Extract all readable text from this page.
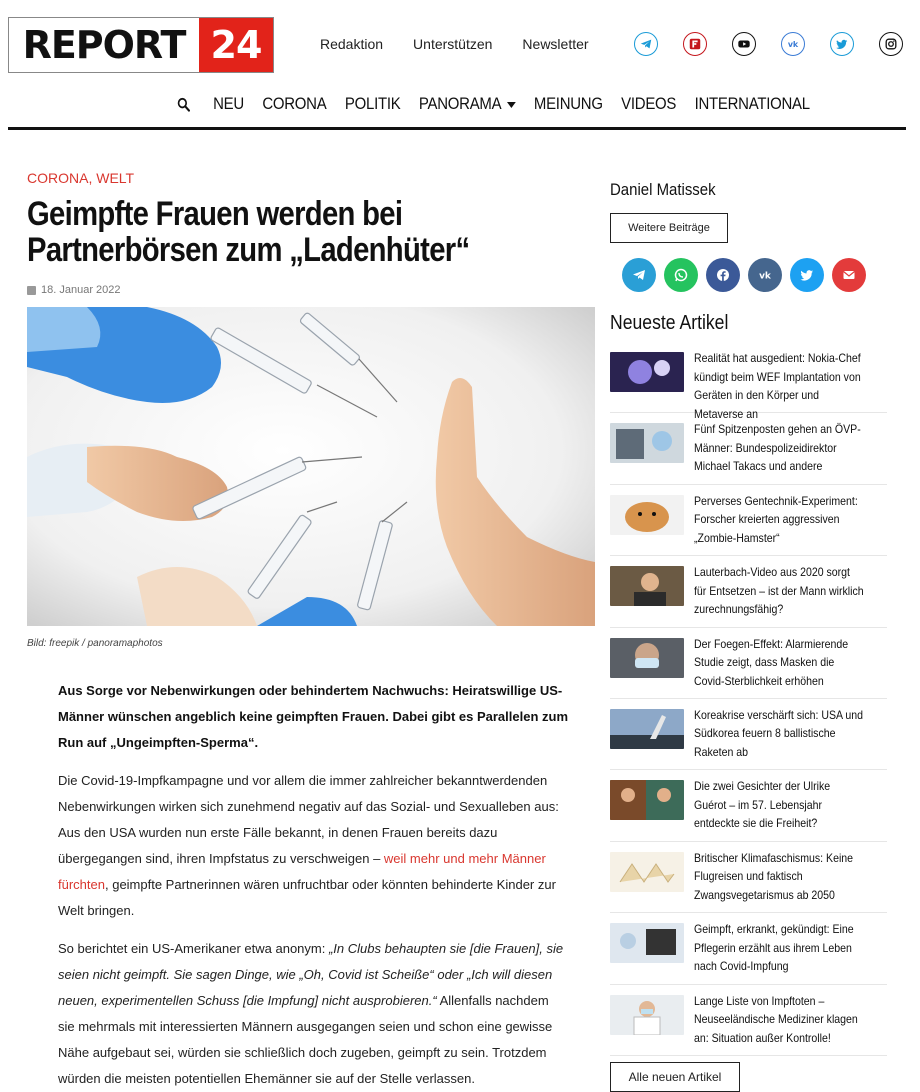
REPORT 24	Redaktion Unterstützen Newsletter	vk
NEU CORONA POLITIK PANORAMA	MEINUNG VIDEOS INTERNATIONAL
CORONA, WELT
Geimpfte Frauen werden bei Partnerbörsen zum „Ladenhüter“
18. Januar 2022
Bild: freepik / panoramaphotos

Aus Sorge vor Nebenwirkungen oder behindertem Nachwuchs: Heiratswillige US-Männer wünschen angeblich keine geimpften Frauen. Dabei gibt es Parallelen zum Run auf „Ungeimpften-Sperma“.

Die Covid-19-Impfkampagne und vor allem die immer zahlreicher bekanntwerdenden Nebenwirkungen wirken sich zunehmend negativ auf das Sozial- und Sexualleben aus: Aus den USA wurden nun erste Fälle bekannt, in denen Frauen bereits dazu übergegangen sind, ihren Impfstatus zu verschweigen – weil mehr und mehr Männer fürchten, geimpfte Partnerinnen wären unfruchtbar oder könnten behinderte Kinder zur Welt bringen.

So berichtet ein US-Amerikaner etwa anonym: „In Clubs behaupten sie [die Frauen], sie seien nicht geimpft. Sie sagen Dinge, wie „Oh, Covid ist Scheiße“ oder „Ich will diesen neuen, experimentellen Schuss [die Impfung] nicht ausprobieren.“ Allenfalls nachdem sie mehrmals mit interessierten Männern ausgegangen seien und schon eine gewisse Nähe aufgebaut sei, würden sie schließlich doch zugeben, geimpft zu sein. Trotzdem würden die meisten potentiellen Ehemänner sie auf der Stelle verlassen.

Daniel Matissek
Weitere Beiträge
vk
Neueste Artikel
Realität hat ausgedient: Nokia-Chef kündigt beim WEF Implantation von Geräten in den Körper und Metaverse an
Fünf Spitzenposten gehen an ÖVP-Männer: Bundespolizeidirektor Michael Takacs und andere
Perverses Gentechnik-Experiment: Forscher kreierten aggressiven „Zombie-Hamster“
Lauterbach-Video aus 2020 sorgt für Entsetzen – ist der Mann wirklich zurechnungsfähig?
Der Foegen-Effekt: Alarmierende Studie zeigt, dass Masken die Covid-Sterblichkeit erhöhen
Koreakrise verschärft sich: USA und Südkorea feuern 8 ballistische Raketen ab
Die zwei Gesichter der Ulrike Guérot – im 57. Lebensjahr entdeckte sie die Freiheit?
Britischer Klimafaschismus: Keine Flugreisen und faktisch Zwangsvegetarismus ab 2050
Geimpft, erkrankt, gekündigt: Eine Pflegerin erzählt aus ihrem Leben nach Covid-Impfung
Lange Liste von Impftoten – Neuseeländische Mediziner klagen an: Situation außer Kontrolle!
Alle neuen Artikel
